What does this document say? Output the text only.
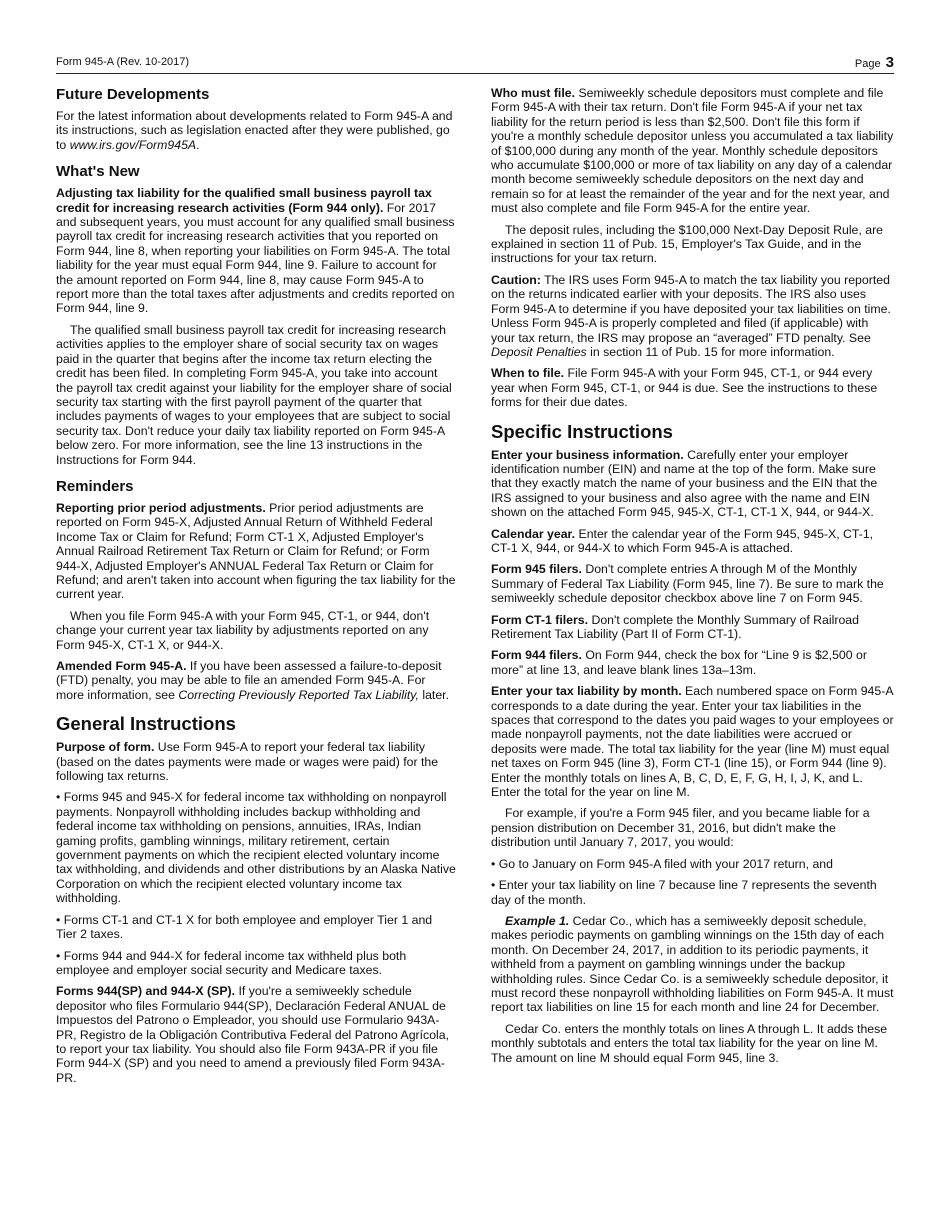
Form 945-A (Rev. 10-2017)	Page 3
Future Developments

For the latest information about developments related to Form 945-A and its instructions, such as legislation enacted after they were published, go to www.irs.gov/Form945A.

What's New

Adjusting tax liability for the qualified small business payroll tax credit for increasing research activities (Form 944 only). For 2017 and subsequent years, you must account for any qualified small business payroll tax credit for increasing research activities that you reported on Form 944, line 8, when reporting your liabilities on Form 945-A. The total liability for the year must equal Form 944, line 9. Failure to account for the amount reported on Form 944, line 8, may cause Form 945-A to report more than the total taxes after adjustments and credits reported on Form 944, line 9.

The qualified small business payroll tax credit for increasing research activities applies to the employer share of social security tax on wages paid in the quarter that begins after the income tax return electing the credit has been filed. In completing Form 945-A, you take into account the payroll tax credit against your liability for the employer share of social security tax starting with the first payroll payment of the quarter that includes payments of wages to your employees that are subject to social security tax. Don't reduce your daily tax liability reported on Form 945-A below zero. For more information, see the line 13 instructions in the Instructions for Form 944.

Reminders

Reporting prior period adjustments. Prior period adjustments are reported on Form 945-X, Adjusted Annual Return of Withheld Federal Income Tax or Claim for Refund; Form CT-1 X, Adjusted Employer's Annual Railroad Retirement Tax Return or Claim for Refund; or Form 944-X, Adjusted Employer's ANNUAL Federal Tax Return or Claim for Refund; and aren't taken into account when figuring the tax liability for the current year.

When you file Form 945-A with your Form 945, CT-1, or 944, don't change your current year tax liability by adjustments reported on any Form 945-X, CT-1 X, or 944-X.

Amended Form 945-A. If you have been assessed a failure-to-deposit (FTD) penalty, you may be able to file an amended Form 945-A. For more information, see Correcting Previously Reported Tax Liability, later.

General Instructions

Purpose of form. Use Form 945-A to report your federal tax liability (based on the dates payments were made or wages were paid) for the following tax returns.

• Forms 945 and 945-X for federal income tax withholding on nonpayroll payments. Nonpayroll withholding includes backup withholding and federal income tax withholding on pensions, annuities, IRAs, Indian gaming profits, gambling winnings, military retirement, certain government payments on which the recipient elected voluntary income tax withholding, and dividends and other distributions by an Alaska Native Corporation on which the recipient elected voluntary income tax withholding.

• Forms CT-1 and CT-1 X for both employee and employer Tier 1 and Tier 2 taxes.

• Forms 944 and 944-X for federal income tax withheld plus both employee and employer social security and Medicare taxes.

Forms 944(SP) and 944-X (SP). If you're a semiweekly schedule depositor who files Formulario 944(SP), Declaración Federal ANUAL de Impuestos del Patrono o Empleador, you should use Formulario 943A-PR, Registro de la Obligación Contributiva Federal del Patrono Agrícola, to report your tax liability. You should also file Form 943A-PR if you file Form 944-X (SP) and you need to amend a previously filed Form 943A-PR.

Who must file. Semiweekly schedule depositors must complete and file Form 945-A with their tax return. Don't file Form 945-A if your net tax liability for the return period is less than $2,500. Don't file this form if you're a monthly schedule depositor unless you accumulated a tax liability of $100,000 during any month of the year. Monthly schedule depositors who accumulate $100,000 or more of tax liability on any day of a calendar month become semiweekly schedule depositors on the next day and remain so for at least the remainder of the year and for the next year, and must also complete and file Form 945-A for the entire year.

The deposit rules, including the $100,000 Next-Day Deposit Rule, are explained in section 11 of Pub. 15, Employer's Tax Guide, and in the instructions for your tax return.

Caution: The IRS uses Form 945-A to match the tax liability you reported on the returns indicated earlier with your deposits. The IRS also uses Form 945-A to determine if you have deposited your tax liabilities on time. Unless Form 945-A is properly completed and filed (if applicable) with your tax return, the IRS may propose an “averaged” FTD penalty. See Deposit Penalties in section 11 of Pub. 15 for more information.

When to file. File Form 945-A with your Form 945, CT-1, or 944 every year when Form 945, CT-1, or 944 is due. See the instructions to these forms for their due dates.

Specific Instructions

Enter your business information. Carefully enter your employer identification number (EIN) and name at the top of the form. Make sure that they exactly match the name of your business and the EIN that the IRS assigned to your business and also agree with the name and EIN shown on the attached Form 945, 945-X, CT-1, CT-1 X, 944, or 944-X.

Calendar year. Enter the calendar year of the Form 945, 945-X, CT-1, CT-1 X, 944, or 944-X to which Form 945-A is attached.

Form 945 filers. Don't complete entries A through M of the Monthly Summary of Federal Tax Liability (Form 945, line 7). Be sure to mark the semiweekly schedule depositor checkbox above line 7 on Form 945.

Form CT-1 filers. Don't complete the Monthly Summary of Railroad Retirement Tax Liability (Part II of Form CT-1).

Form 944 filers. On Form 944, check the box for “Line 9 is $2,500 or more” at line 13, and leave blank lines 13a–13m.

Enter your tax liability by month. Each numbered space on Form 945-A corresponds to a date during the year. Enter your tax liabilities in the spaces that correspond to the dates you paid wages to your employees or made nonpayroll payments, not the date liabilities were accrued or deposits were made. The total tax liability for the year (line M) must equal net taxes on Form 945 (line 3), Form CT-1 (line 15), or Form 944 (line 9). Enter the monthly totals on lines A, B, C, D, E, F, G, H, I, J, K, and L. Enter the total for the year on line M.

For example, if you're a Form 945 filer, and you became liable for a pension distribution on December 31, 2016, but didn't make the distribution until January 7, 2017, you would:

• Go to January on Form 945-A filed with your 2017 return, and

• Enter your tax liability on line 7 because line 7 represents the seventh day of the month.

Example 1. Cedar Co., which has a semiweekly deposit schedule, makes periodic payments on gambling winnings on the 15th day of each month. On December 24, 2017, in addition to its periodic payments, it withheld from a payment on gambling winnings under the backup withholding rules. Since Cedar Co. is a semiweekly schedule depositor, it must record these nonpayroll withholding liabilities on Form 945-A. It must report tax liabilities on line 15 for each month and line 24 for December.

Cedar Co. enters the monthly totals on lines A through L. It adds these monthly subtotals and enters the total tax liability for the year on line M. The amount on line M should equal Form 945, line 3.
